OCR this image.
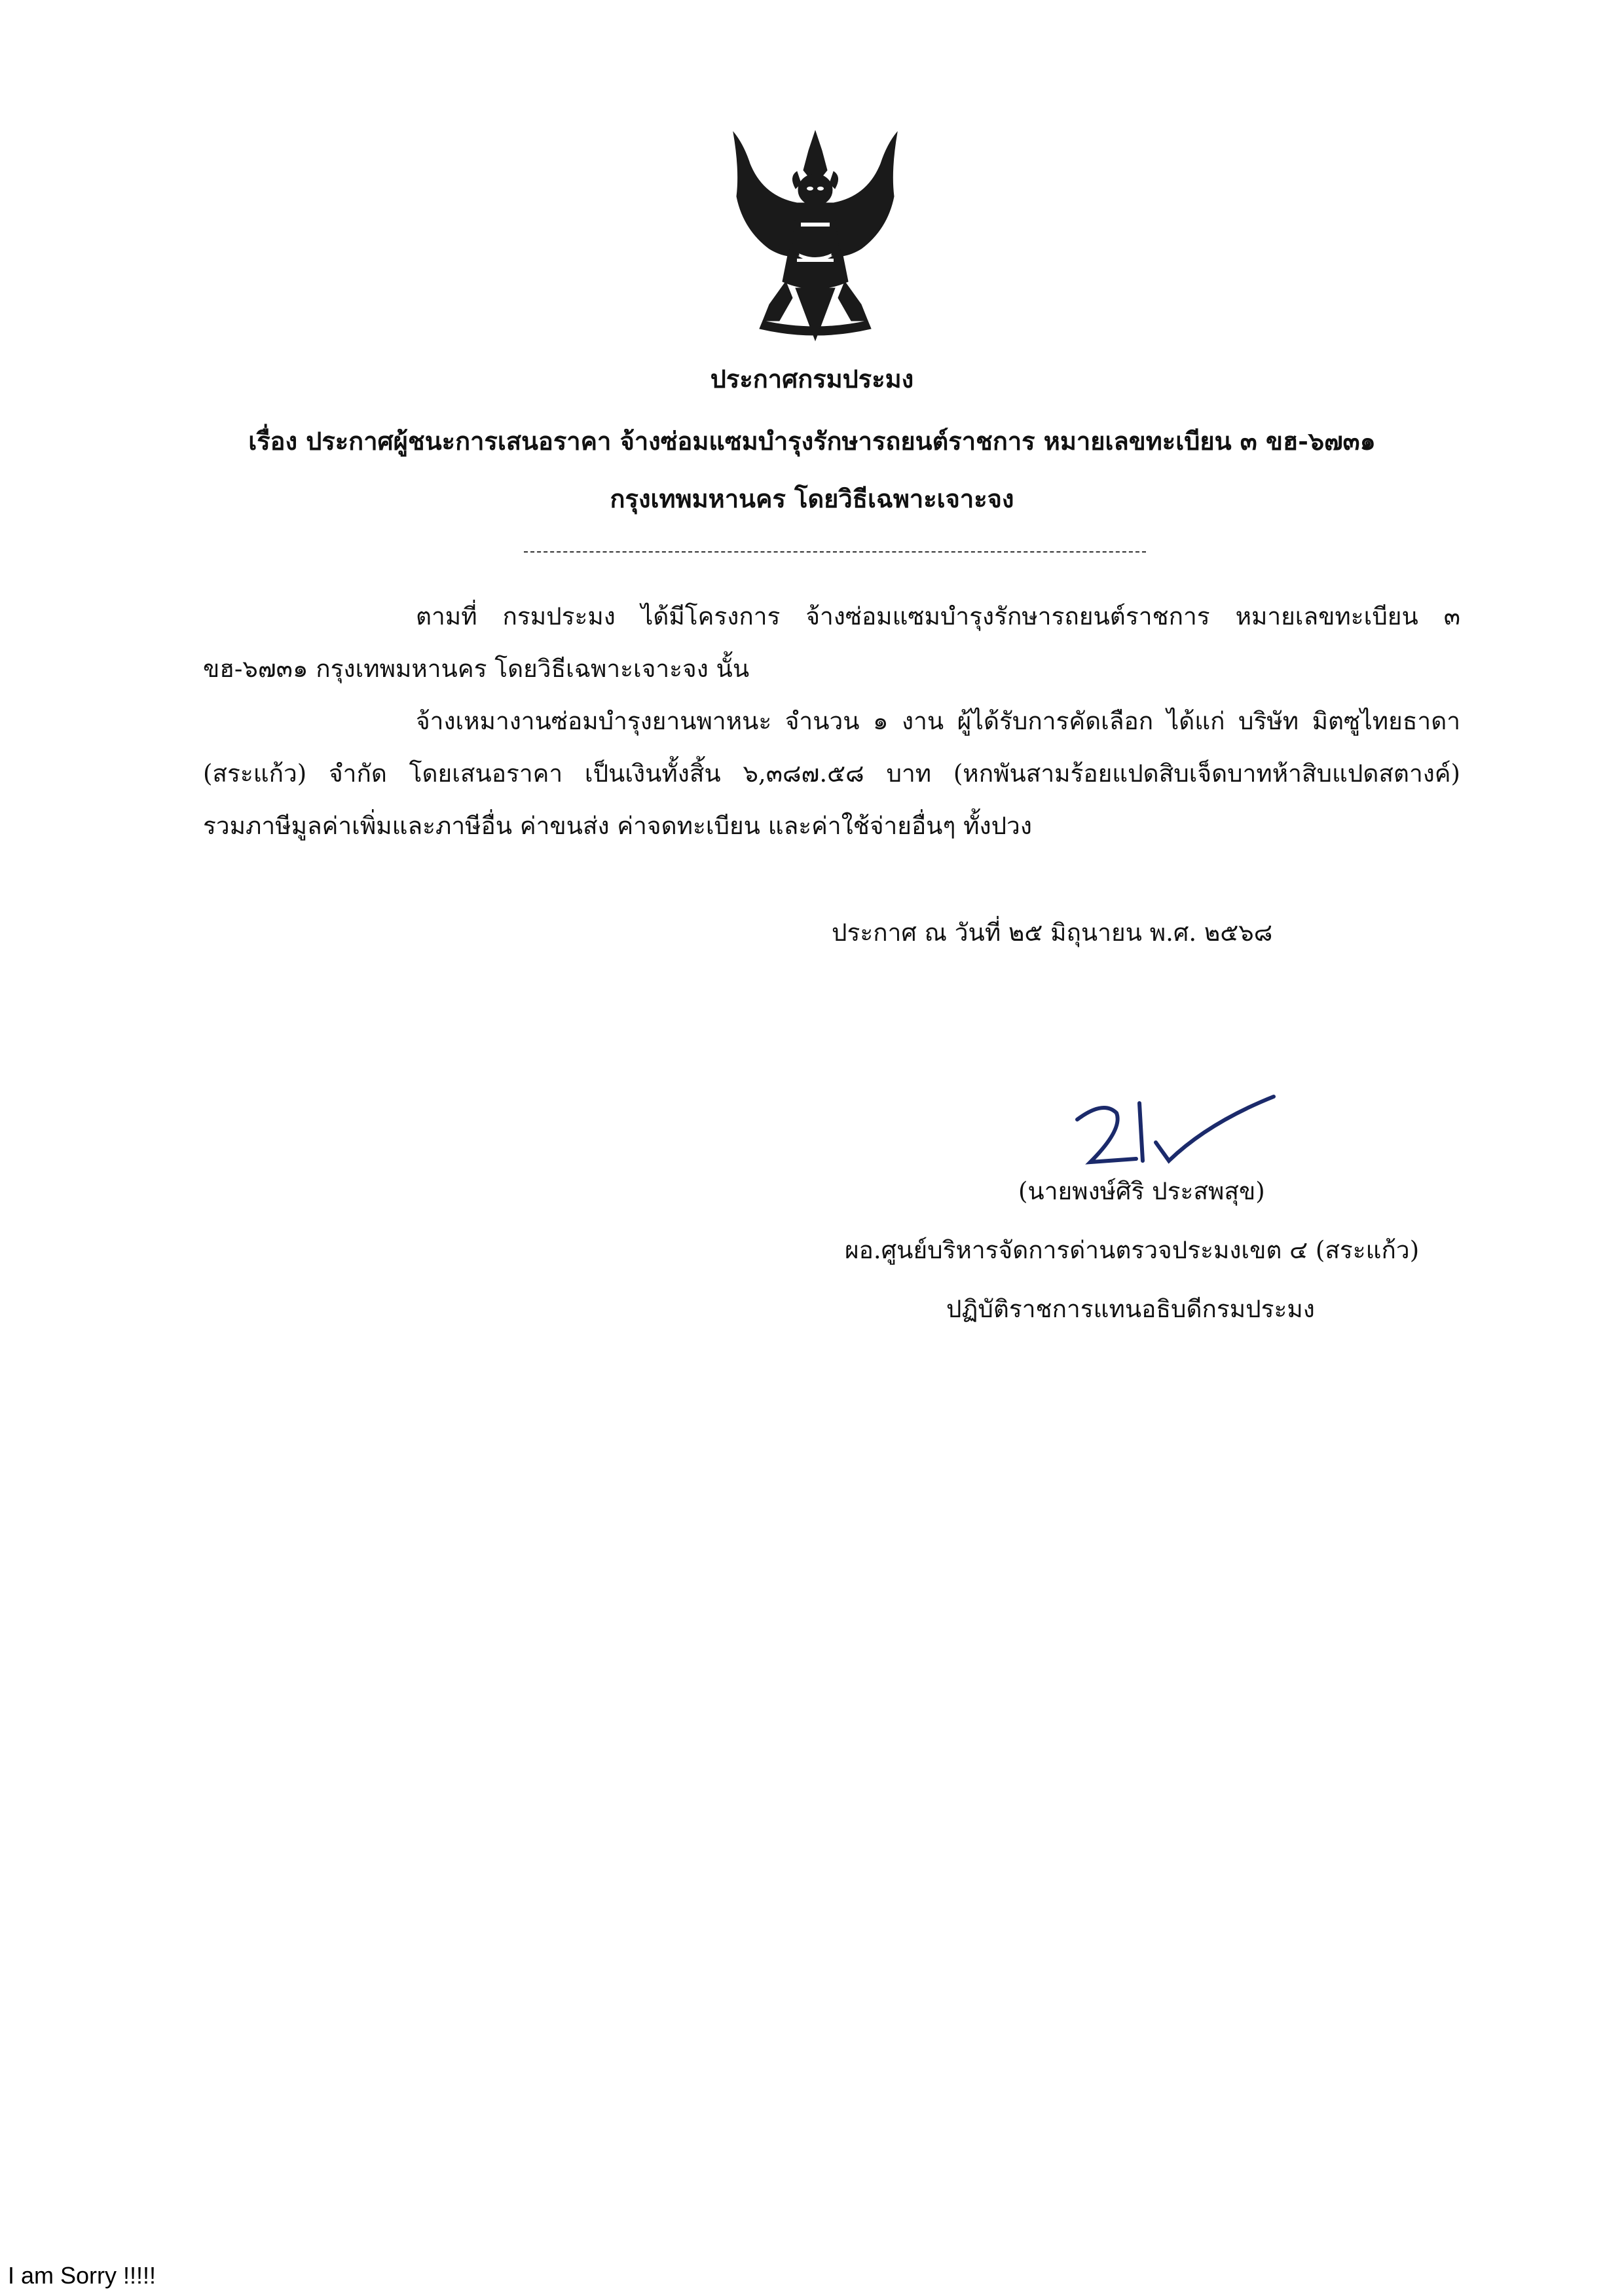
ประกาศกรมประมง
เรื่อง ประกาศผู้ชนะการเสนอราคา จ้างซ่อมแซมบำรุงรักษารถยนต์ราชการ หมายเลขทะเบียน ๓ ขฮ-๖๗๓๑
กรุงเทพมหานคร โดยวิธีเฉพาะเจาะจง
ตามที่ กรมประมง ได้มีโครงการ จ้างซ่อมแซมบำรุงรักษารถยนต์ราชการ หมายเลขทะเบียน ๓
ขฮ-๖๗๓๑ กรุงเทพมหานคร โดยวิธีเฉพาะเจาะจง นั้น
จ้างเหมางานซ่อมบำรุงยานพาหนะ จำนวน ๑ งาน ผู้ได้รับการคัดเลือก ได้แก่ บริษัท มิตซูไทยธาดา
(สระแก้ว) จำกัด โดยเสนอราคา เป็นเงินทั้งสิ้น ๖,๓๘๗.๕๘ บาท (หกพันสามร้อยแปดสิบเจ็ดบาทห้าสิบแปดสตางค์)
รวมภาษีมูลค่าเพิ่มและภาษีอื่น ค่าขนส่ง ค่าจดทะเบียน และค่าใช้จ่ายอื่นๆ ทั้งปวง
ประกาศ ณ วันที่ ๒๕ มิถุนายน พ.ศ. ๒๕๖๘
(นายพงษ์ศิริ ประสพสุข)
ผอ.ศูนย์บริหารจัดการด่านตรวจประมงเขต ๔ (สระแก้ว)
ปฏิบัติราชการแทนอธิบดีกรมประมง
I am Sorry !!!!!
